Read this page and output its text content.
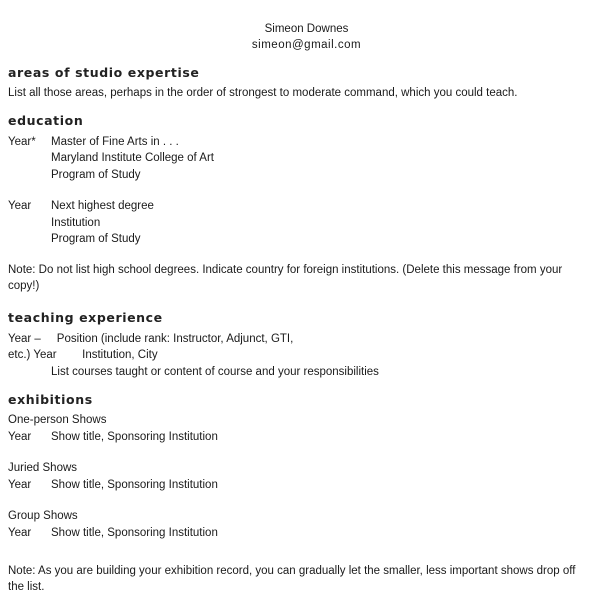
Simeon Downes
simeon@gmail.com
areas of studio expertise
List all those areas, perhaps in the order of strongest to moderate command, which you could teach.
education
Year* Master of Fine Arts in . . .
Maryland Institute College of Art
Program of Study
Year Next highest degree
Institution
Program of Study
Note: Do not list high school degrees. Indicate country for foreign institutions. (Delete this message from your copy!)
teaching experience
Year –     Position (include rank: Instructor, Adjunct, GTI,
etc.) Year        Institution, City
List courses taught or content of course and your responsibilities
exhibitions
One-person Shows
Year Show title, Sponsoring Institution
Juried Shows
Year Show title, Sponsoring Institution
Group Shows
Year Show title, Sponsoring Institution
Note: As you are building your exhibition record, you can gradually let the smaller, less important shows drop off the list.
